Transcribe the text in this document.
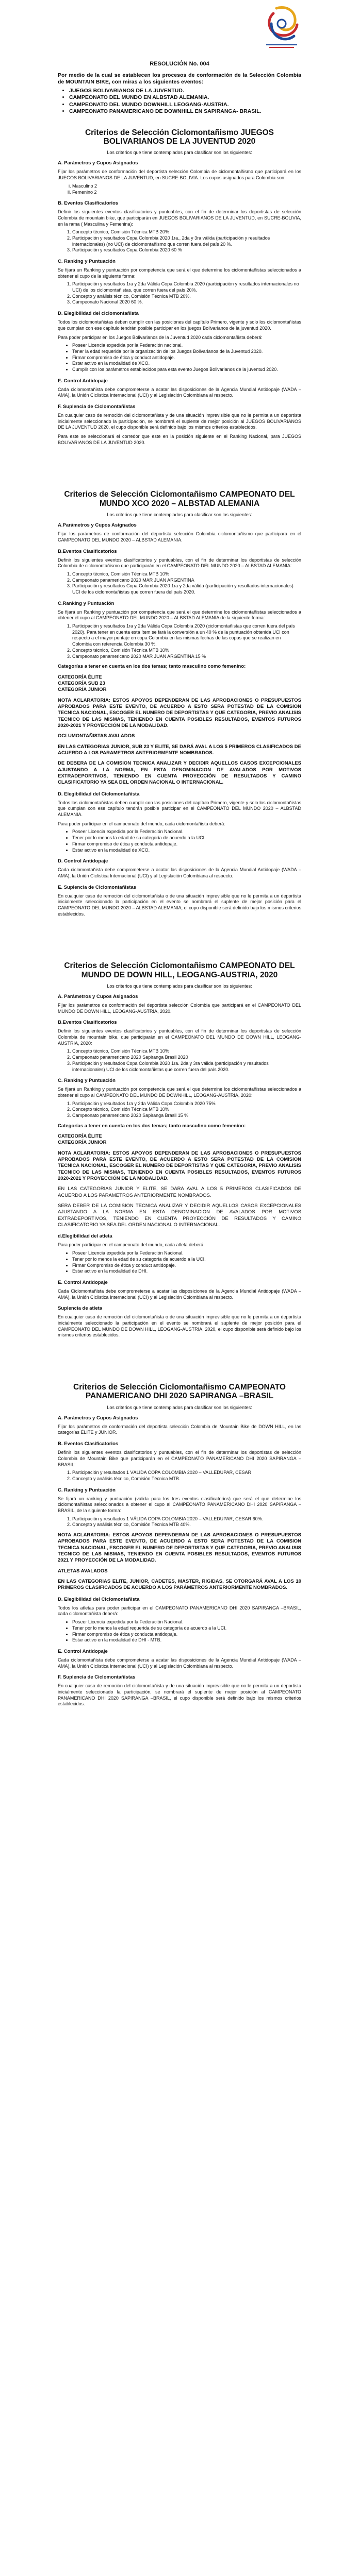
RESOLUCIÓN No. 004
Por medio de la cual se establecen los procesos de conformación de la Selección Colombia de MOUNTAIN BIKE, con miras a los siguientes eventos:
• JUEGOS BOLIVARIANOS DE LA JUVENTUD.
• CAMPEONATO DEL MUNDO EN ALBSTAD ALEMANIA.
• CAMPEONATO DEL MUNDO DOWNHILL LEOGANG-AUSTRIA.
• CAMPEONATO PANAMERICANO DE DOWNHILL EN SAPIRANGA- BRASIL.
Criterios de Selección Ciclomontañismo JUEGOS BOLIVARIANOS DE LA JUVENTUD 2020
Los criterios que tiene contemplados para clasificar son los siguientes:
A. Parámetros y Cupos Asignados

Fijar los parámetros de conformación del deportista selección Colombia de ciclomontañismo que participará en los JUEGOS BOLIVARIANOS DE LA JUVENTUD, en SUCRE-BOLIVIA. Los cupos asignados para Colombia son:

i. Masculino 2
ii. Femenino 2
B. Eventos Clasificatorios

Definir los siguientes eventos clasificatorios y puntuables, con el fin de determinar los deportistas de selección Colombia de mountain bike, que participarán en JUEGOS BOLIVARIANOS DE LA JUVENTUD, en SUCRE-BOLIVIA, en la rama ( Masculina y Femenina):

1. Concepto técnico, Comisión Técnica MTB 20%
2. Participación y resultados Copa Colombia 2020 1ra., 2da y 3ra válida (participación y resultados internacionales) (no UCI) de ciclomontañismo que corren fuera del país 20 %.
3. Participación y resultados Copa Colombia 2020 60 %
C. Ranking y Puntuación

Se fijará un Ranking y puntuación por competencia que será el que determine los ciclomontañistas seleccionados a obtener el cupo de la siguiente forma:

1. Participación y resultados 1ra y 2da Válida Copa Colombia 2020 (participación y resultados internacionales no UCI) de los ciclomontañistas, que corren fuera del país 20%.
2. Concepto y análisis técnico, Comisión Técnica MTB 20%.
3. Campeonato Nacional 2020 60 %.
D. Elegibilidad del ciclomontañista

Todos los ciclomontañistas deben cumplir con las posiciones del capítulo Primero, vigente y solo los ciclomontañistas que cumplan con ese capítulo tendrán posible participar en los juegos Bolivarianos de la juventud 2020.

Para poder participar en los Juegos Bolivarianos de la Juventud 2020 cada ciclomontañista deberá:

• Poseer Licencia expedida por la Federación nacional.
• Tener la edad requerida por la organización de los Juegos Bolivarianos de la Juventud 2020.
• Firmar compromiso de ética y conduct antidopaje.
• Estar activo en la modalidad de XCO.
• Cumplir con los parámetros establecidos para esta evento Juegos Bolivarianos de la juventud 2020.
E. Control Antidopaje

Cada ciclomontañista debe comprometerse a acatar las disposiciones de la Agencia Mundial Antidopaje (WADA – AMA), la Unión Ciclistica Internacional (UCI) y al Legislación Colombiana al respecto.

F. Suplencia de Ciclomontañistas

En cualquier caso de remoción del ciclomontañista y de una situación imprevisible que no le permita a un deportista inicialmente seleccionado la participación, se nombrará el suplente de mejor posición al JUEGOS BOLIVARIANOS DE LA JUVENTUD 2020, el cupo disponible será definido bajo los mismos criterios establecidos.

Para este se seleccionará el corredor que este en la posición siguiente en el Ranking Nacional, para JUEGOS BOLIVARIANOS DE LA JUVENTUD 2020.

Criterios de Selección Ciclomontañismo CAMPEONATO DEL MUNDO XCO 2020 – ALBSTAD ALEMANIA
Los criterios que tiene contemplados para clasificar son los siguientes:
A.Parámetros y Cupos Asignados

Fijar los parámetros de conformación del deportista selección Colombia ciclomontañismo que participara en el CAMPEONATO DEL MUNDO 2020 – ALBSTAD ALEMANIA.

B.Eventos Clasificatorios

Definir los siguientes eventos clasificatorios y puntuables, con el fin de determinar los deportistas de selección Colombia de ciclomontañismo que participarán en el CAMPEONATO DEL MUNDO 2020 – ALBSTAD ALEMANIA:

1. Concepto técnico, Comisión Técnica MTB 10%
2. Campeonato panamericano 2020 MAR JUAN ARGENTINA
3. Participación y resultados Copa Colombia 2020 1ra y 2da válida (participación y resultados internacionales) UCI de los ciclomontañistas que corren fuera del país 2020.
C.Ranking y Puntuación

Se fijará un Ranking y puntuación por competencia que será el que determine los ciclomontañistas seleccionados a obtener el cupo al CAMPEONATO DEL MUNDO 2020 – ALBSTAD ALEMANIA de la siguiente forma:

1. Participación y resultados 1ra y 2da Válida Copa Colombia 2020 (ciclomontañistas que corren fuera del país 2020). Para tener en cuenta esta ítem se fará la conversión a un 40 % de la puntuación obtenida UCI con respecto a el mayor puntaje en copa Colombia en las mismas fechas de las copas que se realizan en Colombia con referencia Colombia 30 %.
2. Concepto técnico, Comisión Técnica MTB 10%
3. Campeonato panamericano 2020 MAR JUAN ARGENTINA 15 %
Categorías a tener en cuenta en los dos temas; tanto masculino como femenino:
CATEGORÍA ÉLITE
CATEGORÍA SUB 23
CATEGORÍA JUNIOR
NOTA ACLARATORIA: ESTOS APOYOS DEPENDERAN DE LAS APROBACIONES O PRESUPUESTOS APROBADOS PARA ESTE EVENTO, DE ACUERDO A ESTO SERA POTESTAD DE LA COMISION TECNICA NACIONAL, ESCOGER EL NUMERO DE DEPORTISTAS Y QUE CATEGORIA, PREVIO ANALISIS TECNICO DE LAS MISMAS, TENIENDO EN CUENTA POSIBLES RESULTADOS, EVENTOS FUTUROS 2020-2021 Y PROYECCIÓN DE LA MODALIDAD.
OCLUMONTAÑISTAS AVALADOS
EN LAS CATEGORIAS JUNIOR, SUB 23 Y ELITE, SE DARÁ AVAL A LOS 5 PRIMEROS CLASIFICADOS DE ACUERDO A LOS PARAMETROS ANTERIORMENTE NOMBRADOS.
DE DEBERA DE LA COMISION TECNICA ANALIZAR Y DECIDIR AQUELLOS CASOS EXCEPCIONALES AJUSTANDO A LA NORMA, EN ESTA DENOMINACION DE AVALADOS POR MOTIVOS EXTRADEPORTIVOS, TENIENDO EN CUENTA PROYECCIÓN DE RESULTADOS Y CAMINO CLASIFICATORIO YA SEA DEL ORDEN NACIONAL O INTERNACIONAL.
D. Elegibilidad del Ciclomontañista

Todos los ciclomontañistas deben cumplir con las posiciones del capítulo Primero, vigente y solo los ciclomontañistas que cumplan con ese capítulo tendrán posible participar en el CAMPEONATO DEL MUNDO 2020 – ALBSTAD ALEMANIA.

Para poder participar en el campeonato del mundo, cada ciclomontañista deberá:

• Poseer Licencia expedida por la Federación Nacional.
• Tener por lo menos la edad de su categoría de acuerdo a la UCI.
• Firmar compromiso de ética y conducta antidopaje.
• Estar activo en la modalidad de XCO.
D. Control Antidopaje

Cada ciclomontañista debe comprometerse a acatar las disposiciones de la Agencia Mundial Antidopaje (WADA – AMA), la Unión Ciclistica Internacional (UCI) y al Legislación Colombiana al respecto.

E. Suplencia de Ciclomontañistas

En cualquier caso de remoción del ciclomontañista o de una situación imprevisible que no le permita a un deportista inicialmente seleccionado la participación en el evento se nombrará el suplente de mejor posición para el CAMPEONATO DEL MUNDO 2020 – ALBSTAD ALEMANIA, el cupo disponible será definido bajo los mismos criterios establecidos.

Criterios de Selección Ciclomontañismo CAMPEONATO DEL MUNDO DE DOWN HILL, LEOGANG-AUSTRIA, 2020
Los criterios que tiene contemplados para clasificar son los siguientes:
A. Parámetros y Cupos Asignados

Fijar los parámetros de conformación del deportista selección Colombia que participará en el CAMPEONATO DEL MUNDO DE DOWN HILL, LEOGANG-AUSTRIA, 2020.

B.Eventos Clasificatorios

Definir los siguientes eventos clasificatorios y puntuables, con el fin de determinar los deportistas de selección Colombia de mountain bike, que participarán en el CAMPEONATO DEL MUNDO DE DOWN HILL, LEOGANG-AUSTRIA, 2020:

1. Concepto técnico, Comisión Técnica MTB 10%
2. Campeonato panamericano 2020 Sapiranga Brasil 2020
3. Participación y resultados Copa Colombia 2020 1ra. 2da y 3ra válida (participación y resultados internacionales) UCI de los ciclomontañistas que corren fuera del país 2020.
C. Ranking y Puntuación

Se fijará un Ranking y puntuación por competencia que será el que determine los ciclomontañistas seleccionados a obtener el cupo al CAMPEONATO DEL MUNDO DE DOWNHILL, LEOGANG-AUSTRIA, 2020:

1. Participación y resultados 1ra y 2da Válida Copa Colombia 2020 75%
2. Concepto técnico, Comisión Técnica MTB 10%
3. Campeonato panamericano 2020 Sapiranga Brasil 15 %
Categorías a tener en cuenta en los dos temas; tanto masculino como femenino:
CATEGORÍA ÉLITE
CATEGORÍA JUNIOR
NOTA ACLARATORIA: ESTOS APOYOS DEPENDERAN DE LAS APROBACIONES O PRESUPUESTOS APROBADOS PARA ESTE EVENTO, DE ACUERDO A ESTO SERA POTESTAD DE LA COMISION TECNICA NACIONAL, ESCOGER EL NUMERO DE DEPORTISTAS Y QUE CATEGORIA, PREVIO ANALISIS TECNICO DE LAS MISMAS, TENIENDO EN CUENTA POSIBLES RESULTADOS, EVENTOS FUTUROS 2020-2021 Y PROYECCIÓN DE LA MODALIDAD.
EN LAS CATEGORIAS JUNIOR Y ELITE, SE DARA AVAL A LOS 5 PRIMEROS CLASIFICADOS DE ACUERDO A LOS PARAMETROS ANTERIORMENTE NOMBRADOS.
SERA DEBER DE LA COMISION TECNICA ANALIZAR Y DECIDIR AQUELLOS CASOS EXCEPCIONALES AJUSTANDO A LA NORMA EN ESTA DENOMINACION DE AVALADOS POR MOTIVOS EXTRADEPORTIVOS, TENIENDO EN CUENTA PROYECCIÓN DE RESULTADOS Y CAMINO CLASIFICATORIO YA SEA DEL ORDEN NACIONAL O INTERNACIONAL.
d.Elegibilidad del atleta

Para poder participar en el campeonato del mundo, cada atleta deberá:

• Poseer Licencia expedida por la Federación Nacional.
• Tener por lo menos la edad de su categoría de acuerdo a la UCI.
• Firmar Compromiso de ética y conduct antidopaje.
• Estar activo en la modalidad de DHI.
E. Control Antidopaje

Cada Ciclomontañista debe comprometerse a acatar las disposiciones de la Agencia Mundial Antidopaje (WADA – AMA), la Unión Ciclistica Internacional (UCI) y al Legislación Colombiana al respecto.

Suplencia de atleta

En cualquier caso de remoción del ciclomontañista o de una situación imprevisible que no le permita a un deportista inicialmente seleccionado la participación en el evento se nombrará el suplente de mejor posición para el CAMPEONATO DEL MUNDO DE DOWN HILL, LEOGANG-AUSTRIA, 2020, el cupo disponible será definido bajo los mismos criterios establecidos.

Criterios de Selección Ciclomontañismo CAMPEONATO PANAMERICANO DHI 2020 SAPIRANGA –BRASIL
Los criterios que tiene contemplados para clasificar son los siguientes:
A. Parámetros y Cupos Asignados

Fijar los parámetros de conformación del deportista selección Colombia de Mountain Bike de DOWN HILL, en las categorías ÉLITE y JUNIOR.

B. Eventos Clasificatorios

Definir los siguientes eventos clasificatorios y puntuables, con el fin de determinar los deportistas de selección Colombia de Mountain Bike que participarán en el CAMPEONATO PANAMERICANO DHI 2020 SAPIRANGA –BRASIL:

1. Participación y resultados 1 VÁLIDA COPA COLOMBIA 2020 – VALLEDUPAR, CESAR
2. Concepto y análisis técnico, Comisión Técnica MTB.
C. Ranking y Puntuación

Se fijará un ranking y puntuación (valida para los tres eventos clasificatorios) que será el que determine los ciclomontañistas seleccionados a obtener el cupo al CAMPEONATO PANAMERICANO DHI 2020 SAPIRANGA –BRASIL, de la siguiente forma:

1. Participación y resultados 1 VÁLIDA COPA COLOMBIA 2020 – VALLEDUPAR, CESAR 60%.
2. Concepto y análisis técnico, Comisión Técnica MTB 40%.
NOTA ACLARATORIA: ESTOS APOYOS DEPENDERAN DE LAS APROBACIONES O PRESUPUESTOS APROBADOS PARA ESTE EVENTO, DE ACUERDO A ESTO SERA POTESTAD DE LA COMISION TECNICA NACIONAL, ESCOGER EL NUMERO DE DEPORTISTAS Y QUE CATEGORIA, PREVIO ANALISIS TECNICO DE LAS MISMAS, TENIENDO EN CUENTA POSIBLES RESULTADOS, EVENTOS FUTUROS 2021 Y PROYECCIÓN DE LA MODALIDAD.
ATLETAS AVALADOS
EN LAS CATEGORIAS ELITE, JUNIOR, CADETES, MASTER, RIGIDAS, SE OTORGARÁ AVAL A LOS 10 PRIMEROS CLASIFICADOS DE ACUERDO A LOS PARÁMETROS ANTERIORMENTE NOMBRADOS.
D. Elegibilidad del Ciclomontañista

Todos los atletas para poder participar en el CAMPEONATO PANAMERICANO DHI 2020 SAPIRANGA –BRASIL, cada ciclomontañista deberá:

• Poseer Licencia expedida por la Federación Nacional.
• Tener por lo menos la edad requerida de su categoría de acuerdo a la UCI.
• Firmar compromiso de ética y conducta antidopaje.
• Estar activo en la modalidad de DHI - MTB.
E. Control Antidopaje

Cada ciclomontañista debe comprometerse a acatar las disposiciones de la Agencia Mundial Antidopaje (WADA – AMA), la Unión Ciclistica Internacional (UCI) y al Legislación Colombiana al respecto.

F. Suplencia de Ciclomontañistas

En cualquier caso de remoción del ciclomontañista y de una situación imprevisible que no le permita a un deportista inicialmente seleccionado la participación, se nombrará el suplente de mejor posición al CAMPEONATO PANAMERICANO DHI 2020 SAPIRANGA –BRASIL, el cupo disponible será definido bajo los mismos criterios establecidos.
